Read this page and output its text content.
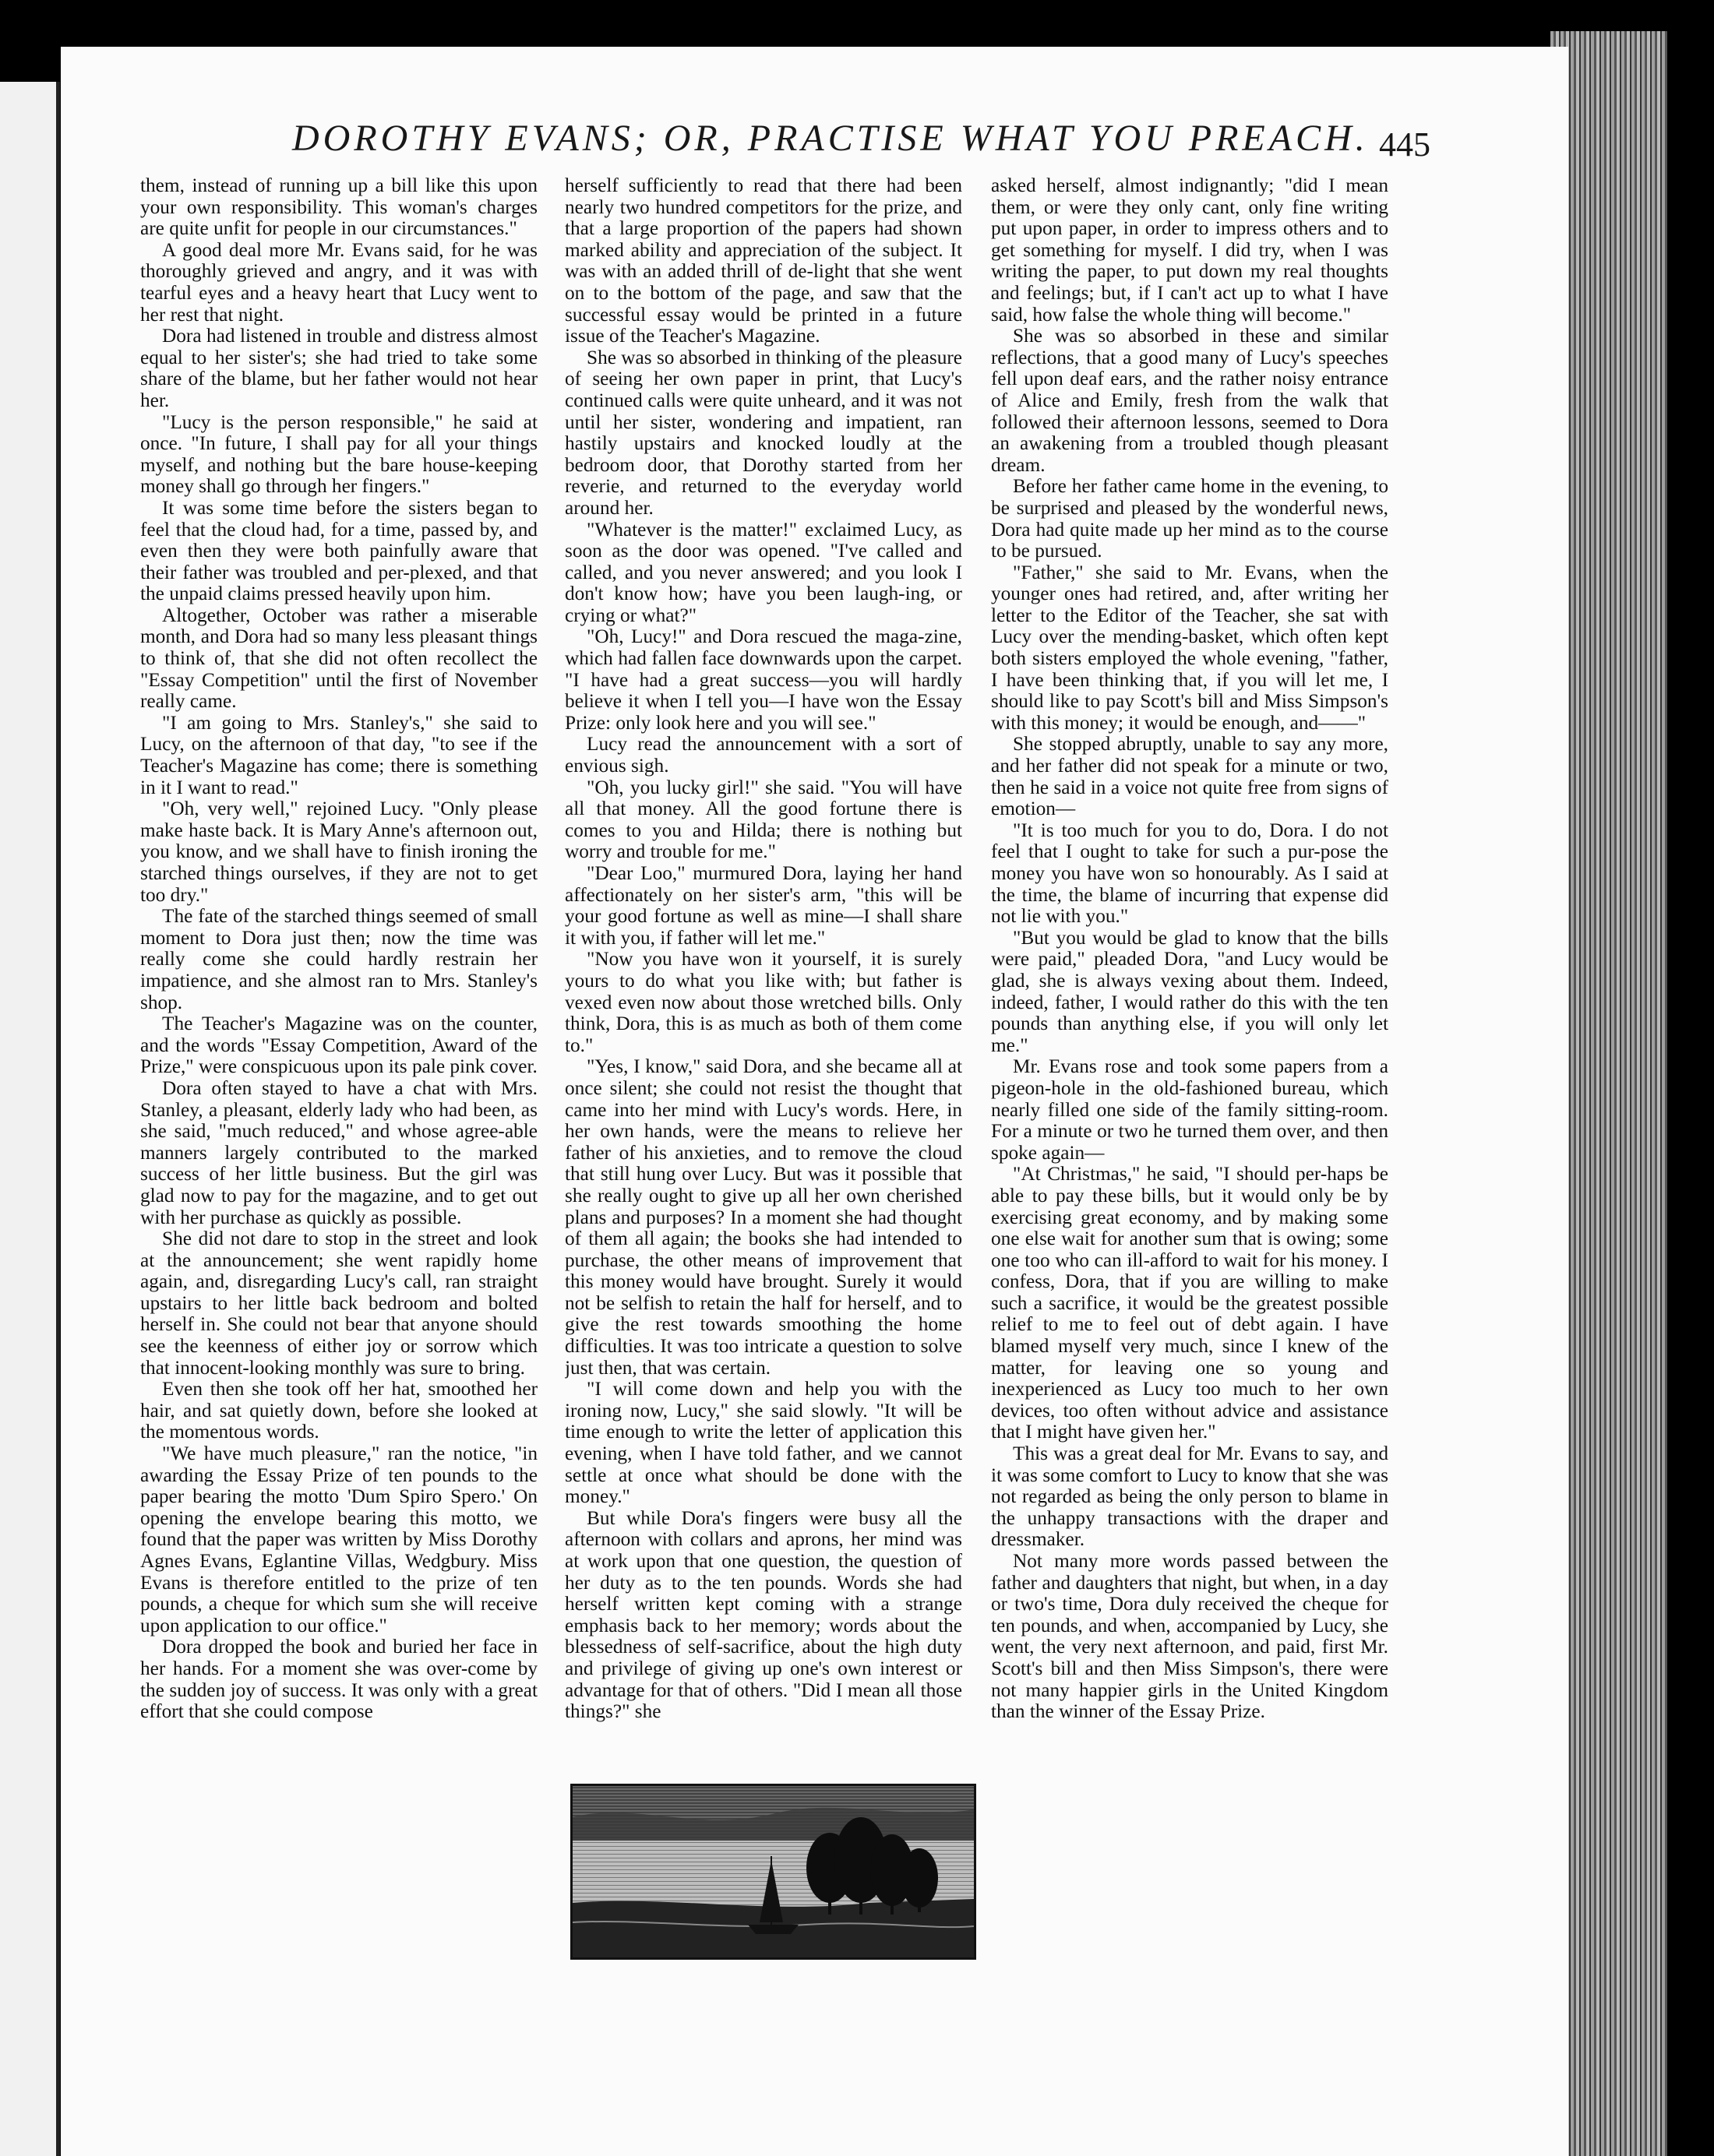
DOROTHY EVANS; OR, PRACTISE WHAT YOU PREACH. 445

them, instead of running up a bill like this upon your own responsibility. This woman's charges are quite unfit for people in our circumstances."

A good deal more Mr. Evans said, for he was thoroughly grieved and angry, and it was with tearful eyes and a heavy heart that Lucy went to her rest that night.

Dora had listened in trouble and distress almost equal to her sister's; she had tried to take some share of the blame, but her father would not hear her.

"Lucy is the person responsible," he said at once. "In future, I shall pay for all your things myself, and nothing but the bare house-keeping money shall go through her fingers."

It was some time before the sisters began to feel that the cloud had, for a time, passed by, and even then they were both painfully aware that their father was troubled and per-plexed, and that the unpaid claims pressed heavily upon him.

Altogether, October was rather a miserable month, and Dora had so many less pleasant things to think of, that she did not often recollect the "Essay Competition" until the first of November really came.

"I am going to Mrs. Stanley's," she said to Lucy, on the afternoon of that day, "to see if the Teacher's Magazine has come; there is something in it I want to read."

"Oh, very well," rejoined Lucy. "Only please make haste back. It is Mary Anne's afternoon out, you know, and we shall have to finish ironing the starched things ourselves, if they are not to get too dry."

The fate of the starched things seemed of small moment to Dora just then; now the time was really come she could hardly restrain her impatience, and she almost ran to Mrs. Stanley's shop.

The Teacher's Magazine was on the counter, and the words "Essay Competition, Award of the Prize," were conspicuous upon its pale pink cover.

Dora often stayed to have a chat with Mrs. Stanley, a pleasant, elderly lady who had been, as she said, "much reduced," and whose agree-able manners largely contributed to the marked success of her little business. But the girl was glad now to pay for the magazine, and to get out with her purchase as quickly as possible.

She did not dare to stop in the street and look at the announcement; she went rapidly home again, and, disregarding Lucy's call, ran straight upstairs to her little back bedroom and bolted herself in. She could not bear that anyone should see the keenness of either joy or sorrow which that innocent-looking monthly was sure to bring.

Even then she took off her hat, smoothed her hair, and sat quietly down, before she looked at the momentous words.

"We have much pleasure," ran the notice, "in awarding the Essay Prize of ten pounds to the paper bearing the motto 'Dum Spiro Spero.' On opening the envelope bearing this motto, we found that the paper was written by Miss Dorothy Agnes Evans, Eglantine Villas, Wedgbury. Miss Evans is therefore entitled to the prize of ten pounds, a cheque for which sum she will receive upon application to our office."

Dora dropped the book and buried her face in her hands. For a moment she was over-come by the sudden joy of success. It was only with a great effort that she could compose

herself sufficiently to read that there had been nearly two hundred competitors for the prize, and that a large proportion of the papers had shown marked ability and appreciation of the subject. It was with an added thrill of de-light that she went on to the bottom of the page, and saw that the successful essay would be printed in a future issue of the Teacher's Magazine.

She was so absorbed in thinking of the pleasure of seeing her own paper in print, that Lucy's continued calls were quite unheard, and it was not until her sister, wondering and impatient, ran hastily upstairs and knocked loudly at the bedroom door, that Dorothy started from her reverie, and returned to the everyday world around her.

"Whatever is the matter!" exclaimed Lucy, as soon as the door was opened. "I've called and called, and you never answered; and you look I don't know how; have you been laugh-ing, or crying or what?"

"Oh, Lucy!" and Dora rescued the maga-zine, which had fallen face downwards upon the carpet. "I have had a great success—you will hardly believe it when I tell you—I have won the Essay Prize: only look here and you will see."

Lucy read the announcement with a sort of envious sigh.

"Oh, you lucky girl!" she said. "You will have all that money. All the good fortune there is comes to you and Hilda; there is nothing but worry and trouble for me."

"Dear Loo," murmured Dora, laying her hand affectionately on her sister's arm, "this will be your good fortune as well as mine—I shall share it with you, if father will let me."

"Now you have won it yourself, it is surely yours to do what you like with; but father is vexed even now about those wretched bills. Only think, Dora, this is as much as both of them come to."

"Yes, I know," said Dora, and she became all at once silent; she could not resist the thought that came into her mind with Lucy's words. Here, in her own hands, were the means to relieve her father of his anxieties, and to remove the cloud that still hung over Lucy. But was it possible that she really ought to give up all her own cherished plans and purposes? In a moment she had thought of them all again; the books she had intended to purchase, the other means of improvement that this money would have brought. Surely it would not be selfish to retain the half for herself, and to give the rest towards smoothing the home difficulties. It was too intricate a question to solve just then, that was certain.

"I will come down and help you with the ironing now, Lucy," she said slowly. "It will be time enough to write the letter of application this evening, when I have told father, and we cannot settle at once what should be done with the money."

But while Dora's fingers were busy all the afternoon with collars and aprons, her mind was at work upon that one question, the question of her duty as to the ten pounds. Words she had herself written kept coming with a strange emphasis back to her memory; words about the blessedness of self-sacrifice, about the high duty and privilege of giving up one's own interest or advantage for that of others. "Did I mean all those things?" she

asked herself, almost indignantly; "did I mean them, or were they only cant, only fine writing put upon paper, in order to impress others and to get something for myself. I did try, when I was writing the paper, to put down my real thoughts and feelings; but, if I can't act up to what I have said, how false the whole thing will become."

She was so absorbed in these and similar reflections, that a good many of Lucy's speeches fell upon deaf ears, and the rather noisy entrance of Alice and Emily, fresh from the walk that followed their afternoon lessons, seemed to Dora an awakening from a troubled though pleasant dream.

Before her father came home in the evening, to be surprised and pleased by the wonderful news, Dora had quite made up her mind as to the course to be pursued.

"Father," she said to Mr. Evans, when the younger ones had retired, and, after writing her letter to the Editor of the Teacher, she sat with Lucy over the mending-basket, which often kept both sisters employed the whole evening, "father, I have been thinking that, if you will let me, I should like to pay Scott's bill and Miss Simpson's with this money; it would be enough, and——"

She stopped abruptly, unable to say any more, and her father did not speak for a minute or two, then he said in a voice not quite free from signs of emotion—

"It is too much for you to do, Dora. I do not feel that I ought to take for such a pur-pose the money you have won so honourably. As I said at the time, the blame of incurring that expense did not lie with you."

"But you would be glad to know that the bills were paid," pleaded Dora, "and Lucy would be glad, she is always vexing about them. Indeed, indeed, father, I would rather do this with the ten pounds than anything else, if you will only let me."

Mr. Evans rose and took some papers from a pigeon-hole in the old-fashioned bureau, which nearly filled one side of the family sitting-room. For a minute or two he turned them over, and then spoke again—

"At Christmas," he said, "I should per-haps be able to pay these bills, but it would only be by exercising great economy, and by making some one else wait for another sum that is owing; some one too who can ill-afford to wait for his money. I confess, Dora, that if you are willing to make such a sacrifice, it would be the greatest possible relief to me to feel out of debt again. I have blamed myself very much, since I knew of the matter, for leaving one so young and inexperienced as Lucy too much to her own devices, too often without advice and assistance that I might have given her."

This was a great deal for Mr. Evans to say, and it was some comfort to Lucy to know that she was not regarded as being the only person to blame in the unhappy transactions with the draper and dressmaker.

Not many more words passed between the father and daughters that night, but when, in a day or two's time, Dora duly received the cheque for ten pounds, and when, accompanied by Lucy, she went, the very next afternoon, and paid, first Mr. Scott's bill and then Miss Simpson's, there were not many happier girls in the United Kingdom than the winner of the Essay Prize.
